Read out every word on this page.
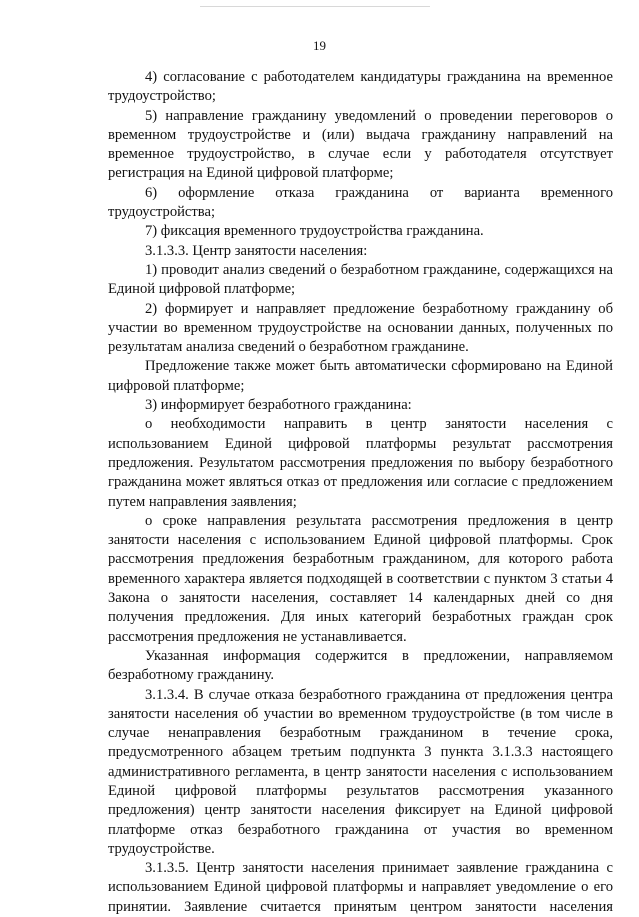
19

4) согласование с работодателем кандидатуры гражданина на временное трудоустройство;

5) направление гражданину уведомлений о проведении переговоров о временном трудоустройстве и (или) выдача гражданину направлений на временное трудоустройство, в случае если у работодателя отсутствует регистрация на Единой цифровой платформе;

6) оформление отказа гражданина от варианта временного трудоустройства;

7) фиксация временного трудоустройства гражданина.

3.1.3.3. Центр занятости населения:

1) проводит анализ сведений о безработном гражданине, содержащихся на Единой цифровой платформе;

2) формирует и направляет предложение безработному гражданину об участии во временном трудоустройстве на основании данных, полученных по результатам анализа сведений о безработном гражданине.

Предложение также может быть автоматически сформировано на Единой цифровой платформе;

3) информирует безработного гражданина:

о необходимости направить в центр занятости населения с использованием Единой цифровой платформы результат рассмотрения предложения. Результатом рассмотрения предложения по выбору безработного гражданина может являться отказ от предложения или согласие с предложением путем направления заявления;

о сроке направления результата рассмотрения предложения в центр занятости населения с использованием Единой цифровой платформы. Срок рассмотрения предложения безработным гражданином, для которого работа временного характера является подходящей в соответствии с пунктом 3 статьи 4 Закона о занятости населения, составляет 14 календарных дней со дня получения предложения. Для иных категорий безработных граждан срок рассмотрения предложения не устанавливается.

Указанная информация содержится в предложении, направляемом безработному гражданину.

3.1.3.4. В случае отказа безработного гражданина от предложения центра занятости населения об участии во временном трудоустройстве (в том числе в случае ненаправления безработным гражданином в течение срока, предусмотренного абзацем третьим подпункта 3 пункта 3.1.3.3 настоящего административного регламента, в центр занятости населения с использованием Единой цифровой платформы результатов рассмотрения указанного предложения) центр занятости населения фиксирует на Единой цифровой платформе отказ безработного гражданина от участия во временном трудоустройстве.

3.1.3.5. Центр занятости населения принимает заявление гражданина с использованием Единой цифровой платформы и направляет уведомление о его принятии. Заявление считается принятым центром занятости населения
